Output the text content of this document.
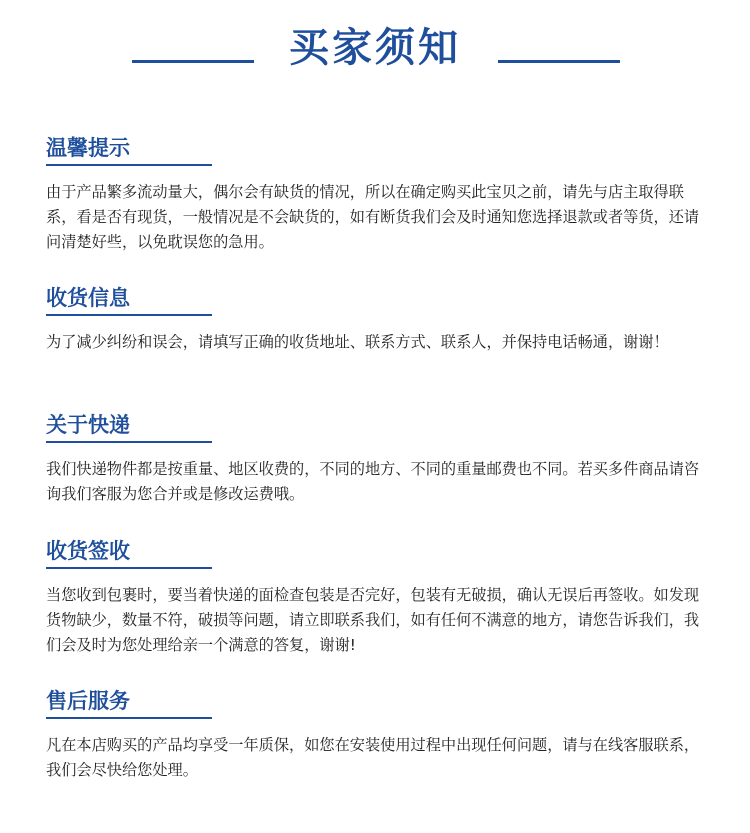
买家须知
温馨提示
由于产品繁多流动量大，偶尔会有缺货的情况，所以在确定购买此宝贝之前，请先与店主取得联系，看是否有现货，一般情况是不会缺货的，如有断货我们会及时通知您选择退款或者等货，还请问清楚好些，以免耽误您的急用。
收货信息
为了减少纠纷和误会，请填写正确的收货地址、联系方式、联系人，并保持电话畅通，谢谢！
关于快递
我们快递物件都是按重量、地区收费的，不同的地方、不同的重量邮费也不同。若买多件商品请咨询我们客服为您合并或是修改运费哦。
收货签收
当您收到包裹时，要当着快递的面检查包装是否完好，包装有无破损，确认无误后再签收。如发现货物缺少，数量不符，破损等问题，请立即联系我们，如有任何不满意的地方，请您告诉我们，我们会及时为您处理给亲一个满意的答复，谢谢!
售后服务
凡在本店购买的产品均享受一年质保，如您在安装使用过程中出现任何问题，请与在线客服联系，我们会尽快给您处理。
